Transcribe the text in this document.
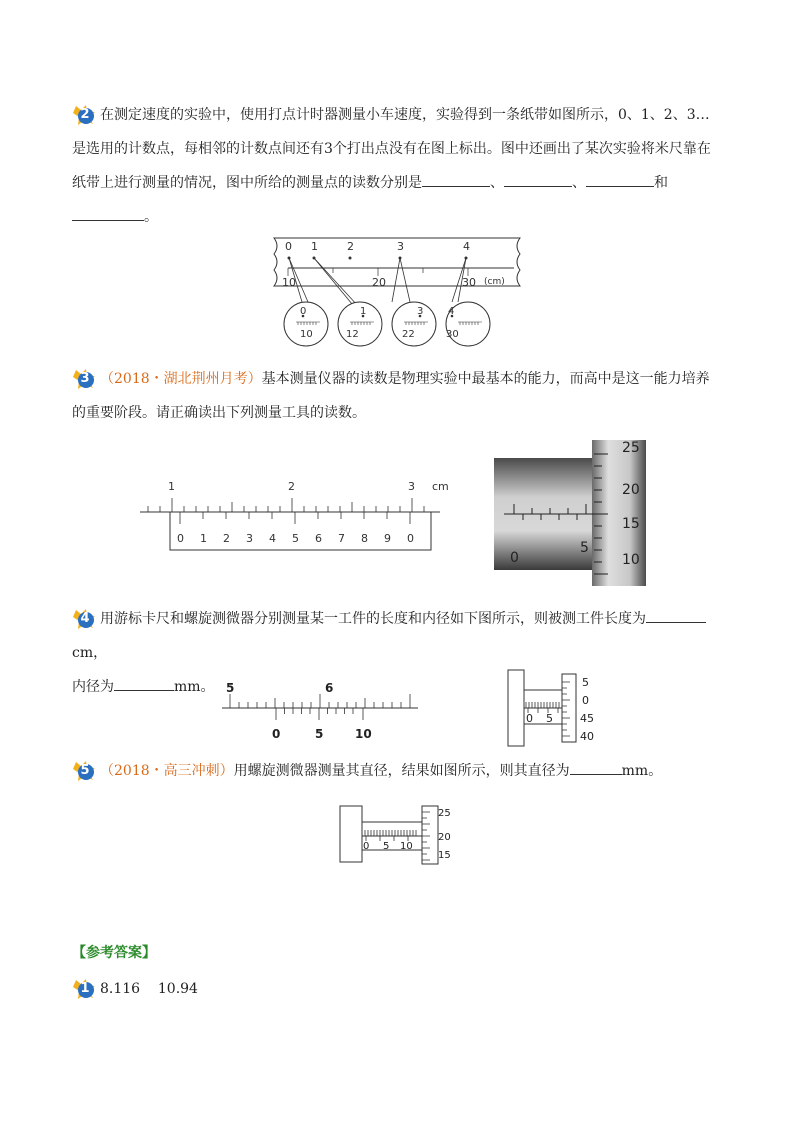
2 在测定速度的实验中，使用打点计时器测量小车速度，实验得到一条纸带如图所示，0、1、2、3…是选用的计数点，每相邻的计数点间还有3个打出点没有在图上标出。图中还画出了某次实验将米尺靠在纸带上进行测量的情况，图中所给的测量点的读数分别是	、	、	和
。
0 1	2	3	4
10	20	30 (cm)
0
10
1
12
3
22
4
30
3 （2018・湖北荆州月考）基本测量仪器的读数是物理实验中最基本的能力，而高中是这一能力培养的重要阶段。请正确读出下列测量工具的读数。
1	2	3 cm
0 1 2 3 4 5 6 7 8 9 0
0
5
25
20
15
10
4 用游标卡尺和螺旋测微器分别测量某一工件的长度和内径如下图所示，则被测工件长度为cm，
内径为	mm。 5	6
0	5	10
0 5
5
0
45
40
5 （2018・高三冲刺）用螺旋测微器测量其直径，结果如图所示，则其直径为	mm。
0 5 10
25
20
15
【参考答案】
1 8.116    10.94
